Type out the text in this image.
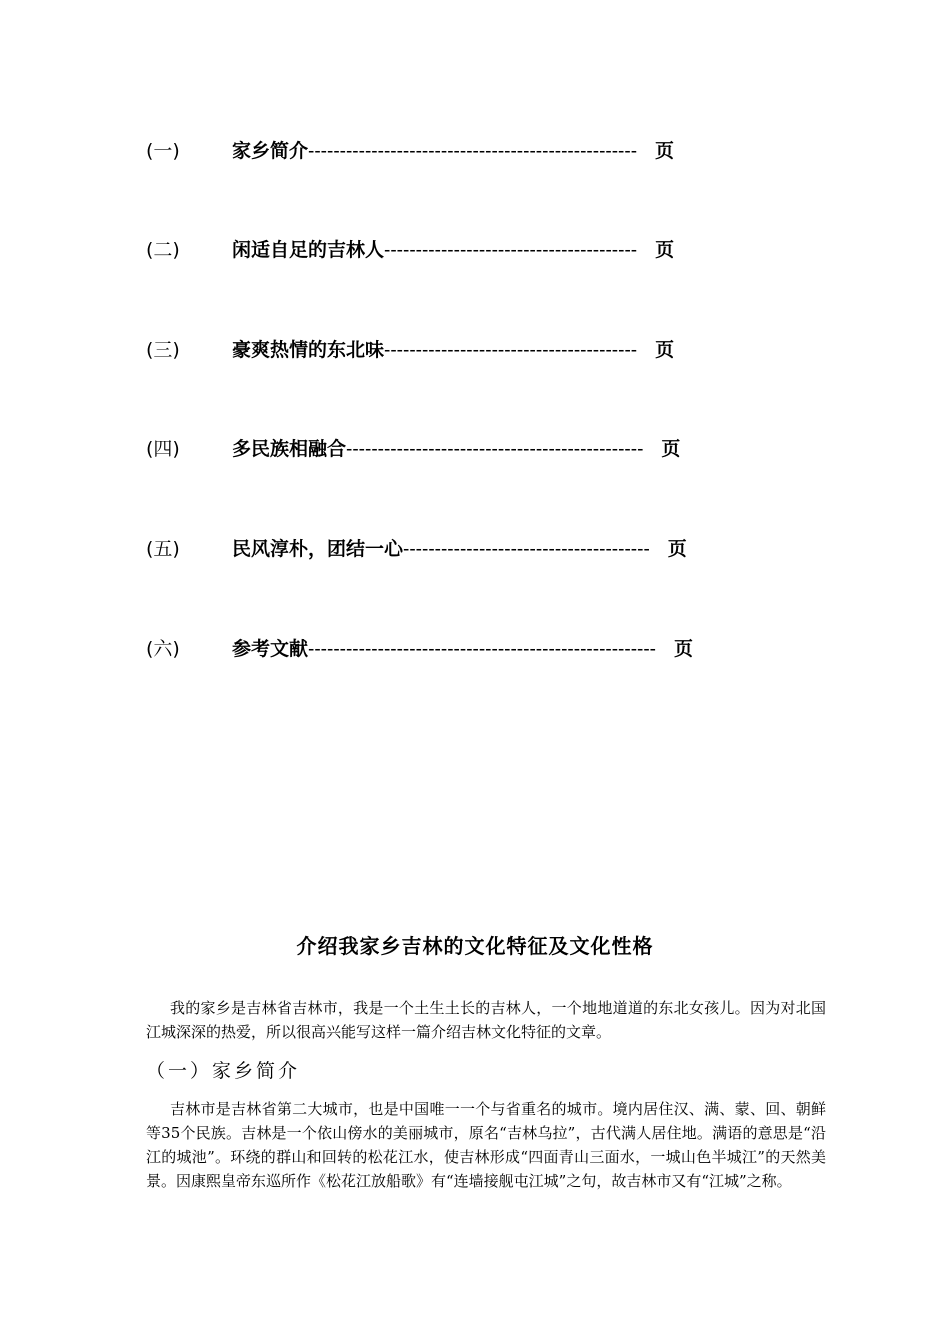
(一)	家乡简介---------------------------------------------------- 页
(二)	闲适自足的吉林人---------------------------------------- 页
(三)	豪爽热情的东北味---------------------------------------- 页
(四)	多民族相融合----------------------------------------------- 页
(五)	民风淳朴，团结一心--------------------------------------- 页
(六)	参考文献------------------------------------------------------- 页
介绍我家乡吉林的文化特征及文化性格

我的家乡是吉林省吉林市，我是一个土生土长的吉林人，一个地地道道的东北女孩儿。因为对北国江城深深的热爱，所以很高兴能写这样一篇介绍吉林文化特征的文章。

（一）家乡简介

吉林市是吉林省第二大城市，也是中国唯一一个与省重名的城市。境内居住汉、满、蒙、回、朝鲜等35个民族。吉林是一个依山傍水的美丽城市，原名“吉林乌拉”，古代满人居住地。满语的意思是“沿江的城池”。环绕的群山和回转的松花江水，使吉林形成“四面青山三面水，一城山色半城江”的天然美景。因康熙皇帝东巡所作《松花江放船歌》有“连墙接舰屯江城”之句，故吉林市又有“江城”之称。
